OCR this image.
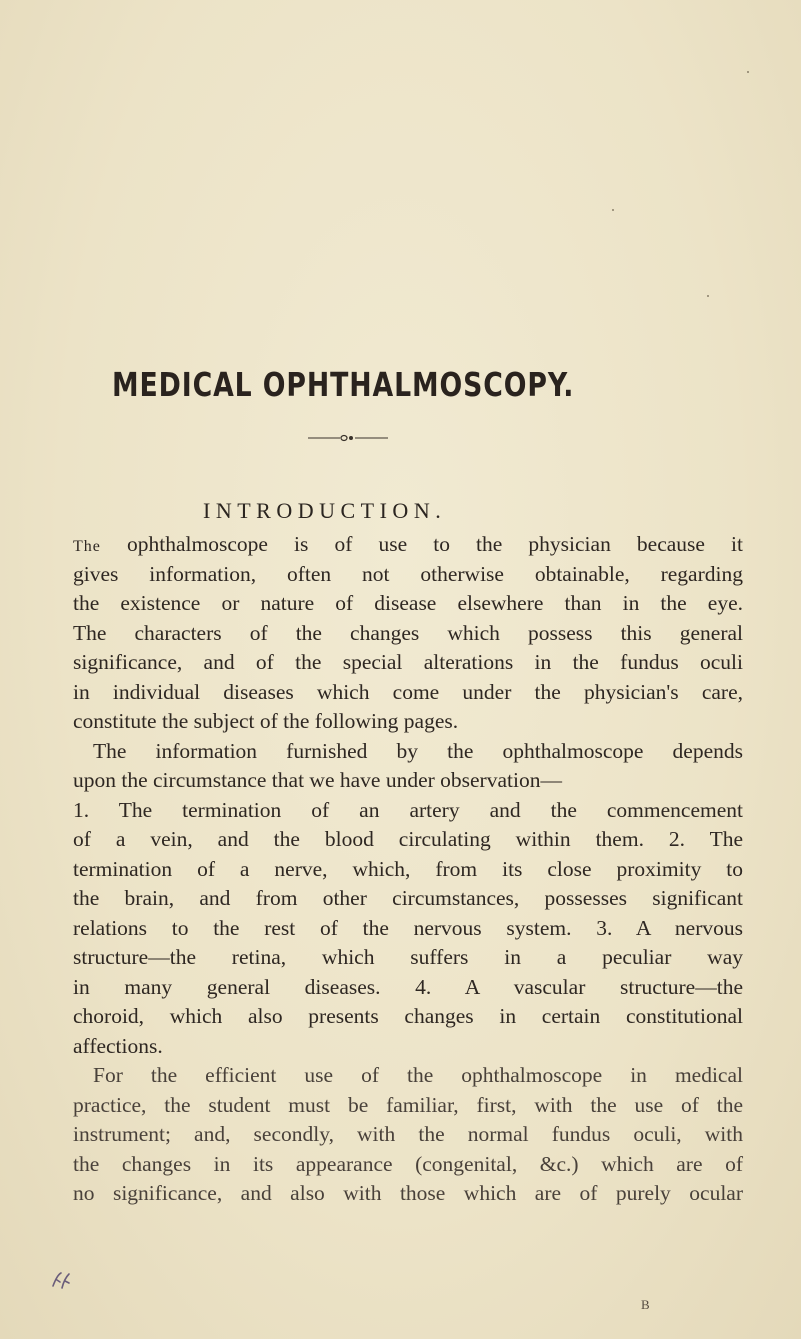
MEDICAL OPHTHALMOSCOPY.
INTRODUCTION.
The ophthalmoscope is of use to the physician because it
gives information, often not otherwise obtainable, regarding
the existence or nature of disease elsewhere than in the eye.
The characters of the changes which possess this general
significance, and of the special alterations in the fundus oculi
in individual diseases which come under the physician's care,
constitute the subject of the following pages.
The information furnished by the ophthalmoscope depends
upon the circumstance that we have under observation—
1. The termination of an artery and the commencement
of a vein, and the blood circulating within them. 2. The
termination of a nerve, which, from its close proximity to
the brain, and from other circumstances, possesses significant
relations to the rest of the nervous system. 3. A nervous
structure—the retina, which suffers in a peculiar way
in many general diseases. 4. A vascular structure—the
choroid, which also presents changes in certain constitutional
affections.
For the efficient use of the ophthalmoscope in medical
practice, the student must be familiar, first, with the use of the
instrument; and, secondly, with the normal fundus oculi, with
the changes in its appearance (congenital, &c.) which are of
no significance, and also with those which are of purely ocular
B
